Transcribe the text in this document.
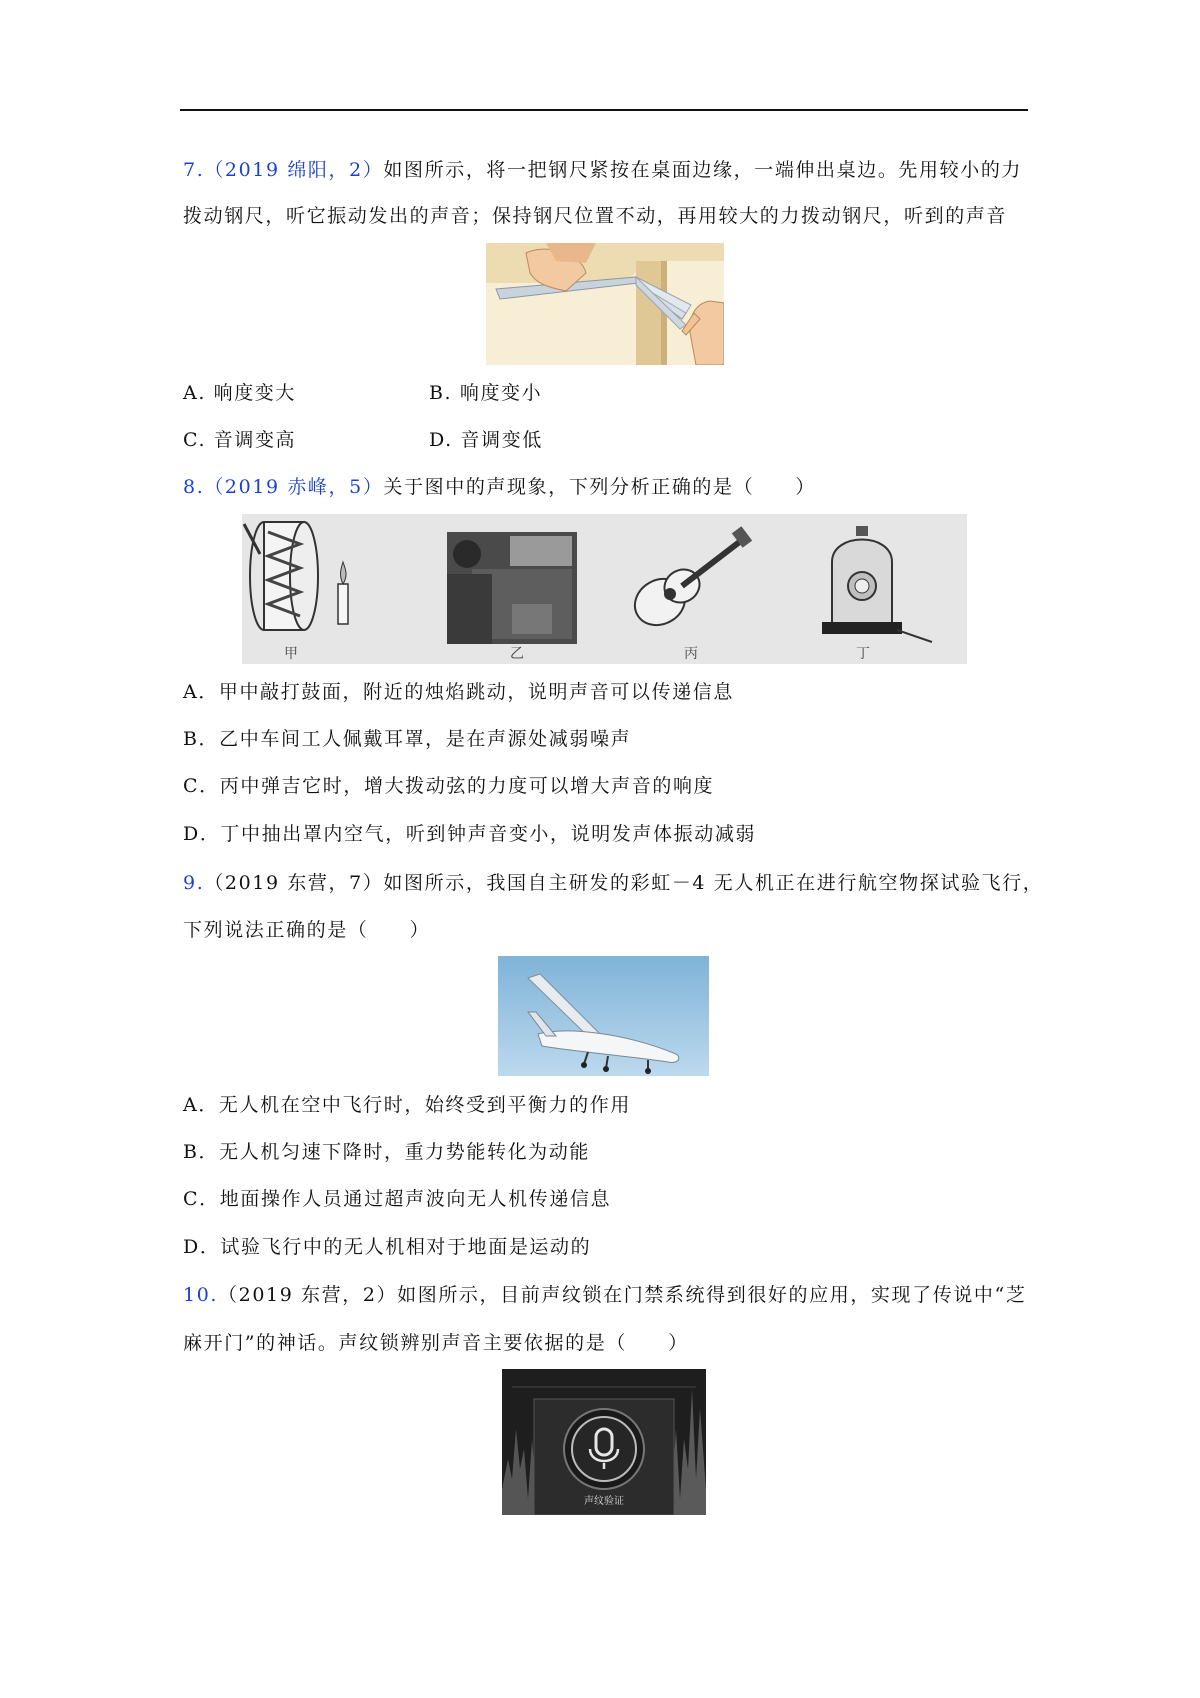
7.（2019 绵阳，2）如图所示，将一把钢尺紧按在桌面边缘，一端伸出桌边。先用较小的力
拨动钢尺，听它振动发出的声音；保持钢尺位置不动，再用较大的力拨动钢尺，听到的声音
A. 响度变大	B. 响度变小
C. 音调变高	D. 音调变低
8.（2019 赤峰，5）关于图中的声现象，下列分析正确的是（　　）
甲	乙	丙	丁
A．甲中敲打鼓面，附近的烛焰跳动，说明声音可以传递信息
B．乙中车间工人佩戴耳罩，是在声源处减弱噪声
C．丙中弹吉它时，增大拨动弦的力度可以增大声音的响度
D．丁中抽出罩内空气，听到钟声音变小，说明发声体振动减弱
9.（2019 东营，7）如图所示，我国自主研发的彩虹－4 无人机正在进行航空物探试验飞行，
下列说法正确的是（　　）
A．无人机在空中飞行时，始终受到平衡力的作用
B．无人机匀速下降时，重力势能转化为动能
C．地面操作人员通过超声波向无人机传递信息
D．试验飞行中的无人机相对于地面是运动的
10.（2019 东营，2）如图所示，目前声纹锁在门禁系统得到很好的应用，实现了传说中“芝
麻开门”的神话。声纹锁辨别声音主要依据的是（　　）
声纹验证
